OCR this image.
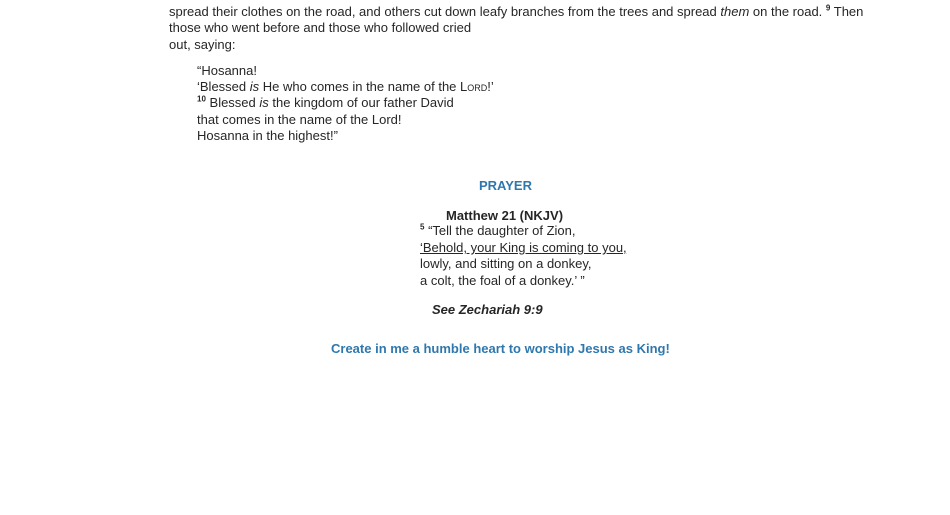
spread their clothes on the road, and others cut down leafy branches from the trees and spread them on the road. $^9$ Then
those who went before and those who followed cried
out, saying:
“Hosanna!
‘Blessed is He who comes in the name of the Lord!’
$^{10}$ Blessed is the kingdom of our father David
that comes in the name of the Lord!
Hosanna in the highest!”
PRAYER
Matthew 21 (NKJV)
$^5$ “Tell the daughter of Zion,
‘Behold, your King is coming to you,
lowly, and sitting on a donkey,
a colt, the foal of a donkey.’ ”
See Zechariah 9:9
Create in me a humble heart to worship Jesus as King!
